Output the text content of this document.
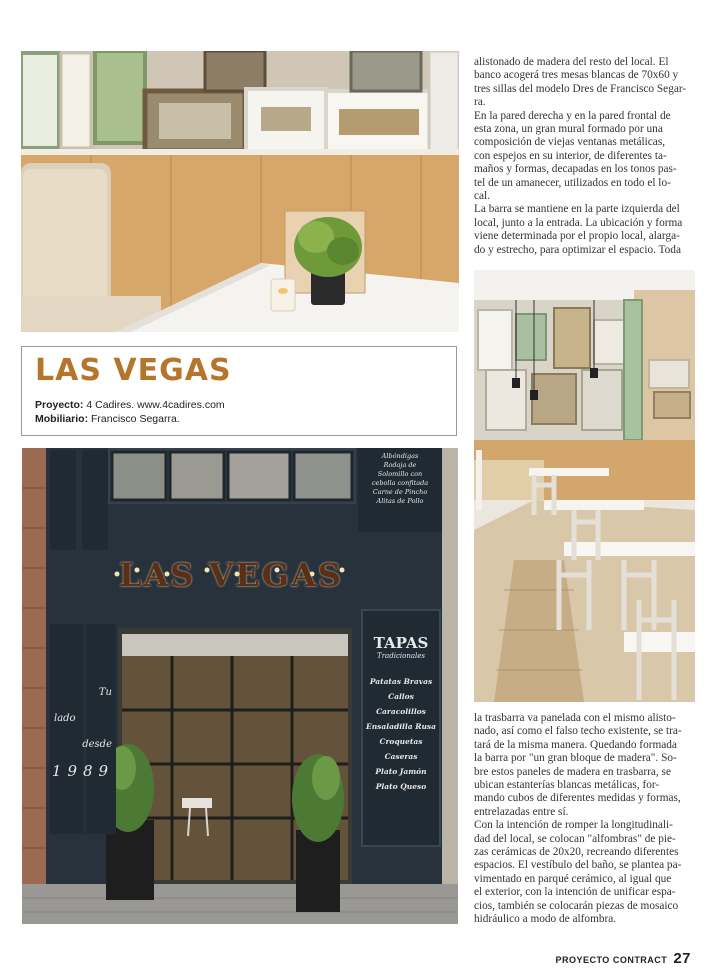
alistonado de madera del resto del local. El

banco acogerá tres mesas blancas de 70x60 y

tres sillas del modelo Dres de Francisco Segar-

ra.

En la pared derecha y en la pared frontal de

esta zona, un gran mural formado por una

composición de viejas ventanas metálicas,

con espejos en su interior, de diferentes ta-

maños y formas, decapadas en los tonos pas-

tel de un amanecer, utilizados en todo el lo-

cal.

La barra se mantiene en la parte izquierda del

local, junto a la entrada. La ubicación y forma

viene determinada por el propio local, alarga-

do y estrecho, para optimizar el espacio. Toda

LAS VEGAS
Proyecto: 4 Cadires. www.4cadires.com
Mobiliario: Francisco Segarra.
LAS VEGAS
Albóndigas
Rodaja de
Solomillo con
cebolla confitada
Carne de Pincho
Alitas de Pollo
TAPAS
Tradicionales
Patatas Bravas
Callos
Caracolillos
Ensaladilla Rusa
Croquetas Caseras
Plato Jamón
Plato Queso
Tu
lado
desde
1989

la trasbarra va panelada con el mismo alisto-

nado, así como el falso techo existente, se tra-

tará de la misma manera. Quedando formada

la barra por "un gran bloque de madera". So-

bre estos paneles de madera en trasbarra, se

ubican estanterías blancas metálicas, for-

mando cubos de diferentes medidas y formas,

entrelazadas entre sí.

Con la intención de romper la longitudinali-

dad del local, se colocan "alfombras" de pie-

zas cerámicas de 20x20, recreando diferentes

espacios. El vestíbulo del baño, se plantea pa-

vimentado en parqué cerámico, al igual que

el exterior, con la intención de unificar espa-

cios, también se colocarán piezas de mosaico

hidráulico a modo de alfombra.

PROYECTO CONTRACT 27
